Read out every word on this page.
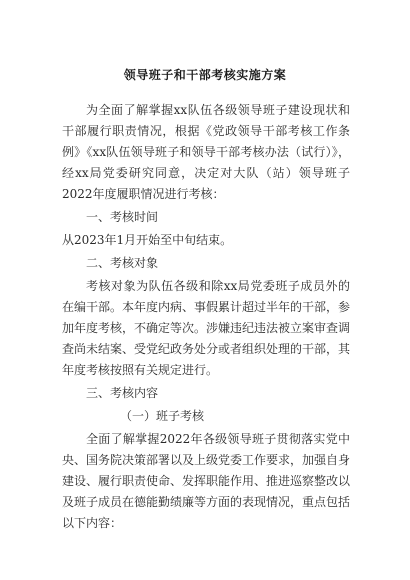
领导班子和干部考核实施方案

为全面了解掌握xx队伍各级领导班子建设现状和干部履行职责情况，根据《党政领导干部考核工作条例》《xx队伍领导班子和领导干部考核办法（试行）》，经xx局党委研究同意，决定对大队（站）领导班子2022年度履职情况进行考核：

一、考核时间

从2023年1月开始至中旬结束。

二、考核对象

考核对象为队伍各级和除xx局党委班子成员外的在编干部。本年度内病、事假累计超过半年的干部，参加年度考核，不确定等次。涉嫌违纪违法被立案审查调查尚未结案、受党纪政务处分或者组织处理的干部，其年度考核按照有关规定进行。

三、考核内容

（一）班子考核

全面了解掌握2022年各级领导班子贯彻落实党中央、国务院决策部署以及上级党委工作要求，加强自身建设、履行职责使命、发挥职能作用、推进巡察整改以及班子成员在德能勤绩廉等方面的表现情况，重点包括以下内容：
